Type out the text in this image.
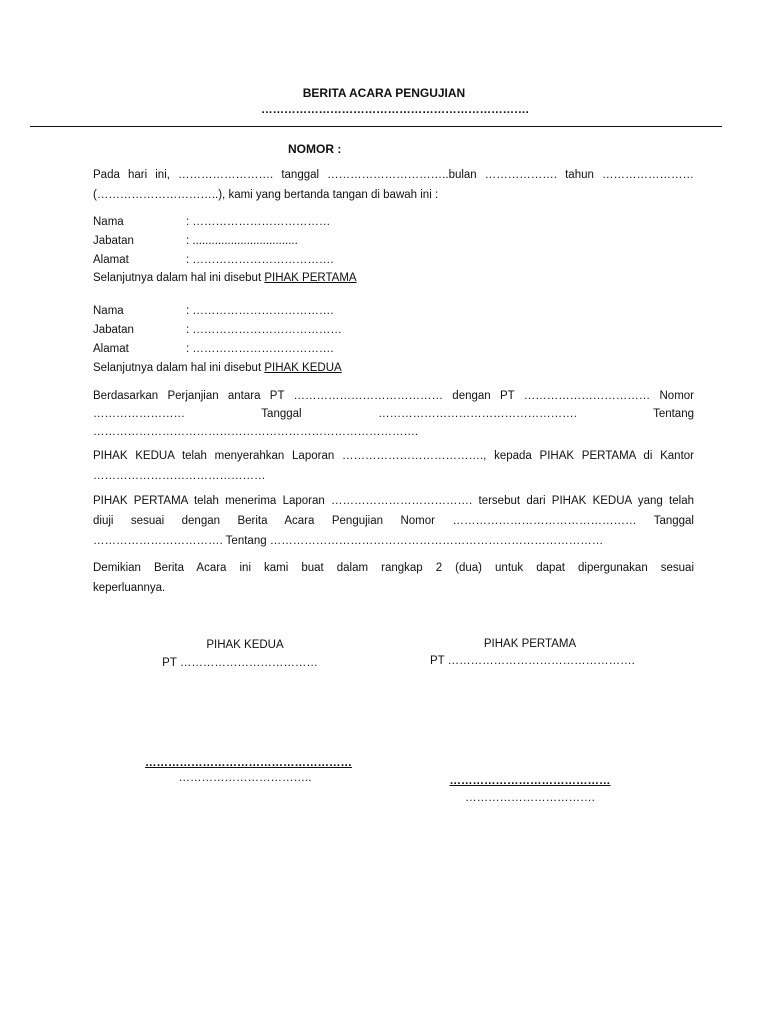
BERITA ACARA PENGUJIAN
…………………………………………………………….
NOMOR :
Pada hari ini, ……………………. tanggal …………………………..bulan ………………. tahun ……………………
(…………………………..), kami yang bertanda tangan di bawah ini :
Nama	: ………………………………
Jabatan	: .................................
Alamat	: ……………………………….
Selanjutnya dalam hal ini disebut PIHAK PERTAMA
Nama	: ……………………………….
Jabatan	: …………………………………
Alamat	: ……………………………….
Selanjutnya dalam hal ini disebut PIHAK KEDUA
Berdasarkan Perjanjian antara PT ………………………………… dengan PT …………………………… Nomor
…………………… Tanggal ……………………………………………. Tentang
………………………………………………………………………….
PIHAK KEDUA telah menyerahkan Laporan ………………………………., kepada PIHAK PERTAMA di Kantor
………………………………………
PIHAK PERTAMA telah menerima Laporan ………………………………. tersebut dari PIHAK KEDUA yang telah
diuji sesuai dengan Berita Acara Pengujian Nomor ………………………………………… Tanggal
……………………………. Tentang ……………………………………………………………………………
Demikian Berita Acara ini kami buat dalam rangkap 2 (dua) untuk dapat dipergunakan sesuai
keperluannya.
PIHAK KEDUA
PT ………………………………
………………………………………………
……………………………..
PIHAK PERTAMA
PT ………………………………………….
……………………………………
…………………………….
